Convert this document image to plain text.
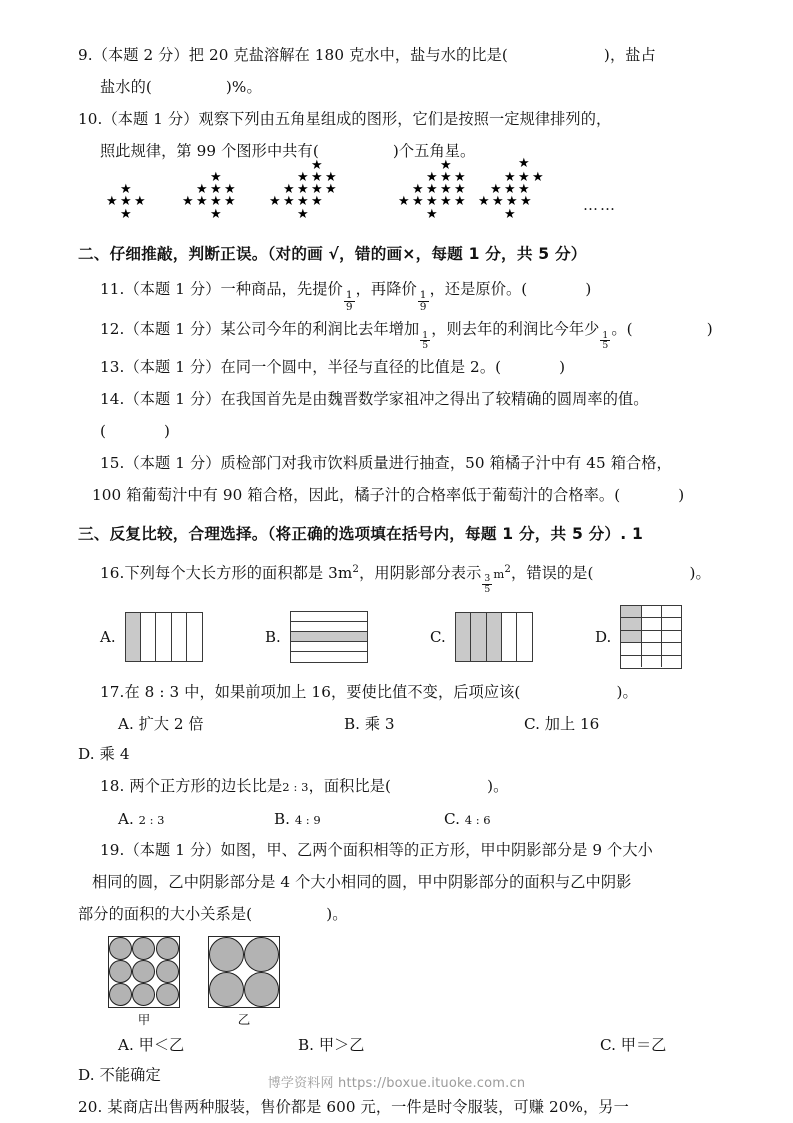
9.（本题 2 分）把 20 克盐溶解在 180 克水中，盐与水的比是(	)，盐占

盐水的(	)%。

10.（本题 1 分）观察下列由五角星组成的图形，它们是按照一定规律排列的，

照此规律，第 99 个图形中共有(	)个五角星。

★
★ ★ ★
★
★
★ ★ ★
★ ★ ★ ★
★
★
★ ★ ★
★ ★ ★ ★
★ ★ ★ ★
★
★
★ ★ ★
★ ★ ★ ★
★ ★ ★ ★ ★
★
★
★ ★ ★
★ ★ ★
★ ★ ★ ★
★
……

二、仔细推敲，判断正误。（对的画 √，错的画×，每题 1 分，共 5 分）

11.（本题 1 分）一种商品，先提价
$\frac{1}{9}$
，再降价
$\frac{1}{9}$
，还是原价。(	)

12.（本题 1 分）某公司今年的利润比去年增加
$\frac{1}{5}$
，则去年的利润比今年少
$\frac{1}{5}$
。(	)

13.（本题 1 分）在同一个圆中，半径与直径的比值是 2。(	)

14.（本题 1 分）在我国首先是由魏晋数学家祖冲之得出了较精确的圆周率的值。

(	)

15.（本题 1 分）质检部门对我市饮料质量进行抽查，50 箱橘子汁中有 45 箱合格，

100 箱葡萄汁中有 90 箱合格，因此，橘子汁的合格率低于葡萄汁的合格率。(	)

三、反复比较，合理选择。（将正确的选项填在括号内，每题 1 分，共 5 分）. 1

16.下列每个大长方形的面积都是 $3m^2$，用阴影部分表示
$\frac{3}{5}$
$m^2$，错误的是(	)。

A.	B.	C.	D.

17.在 8 : 3 中，如果前项加上 16，要使比值不变，后项应该(	)。

A. 扩大 2 倍	B. 乘 3	C. 加上 16

D. 乘 4

18. 两个正方形的边长比是2 : 3，面积比是(	)。

A. 2 : 3	B. 4 : 9	C. 4 : 6

19.（本题 1 分）如图，甲、乙两个面积相等的正方形，甲中阴影部分是 9 个大小

相同的圆，乙中阴影部分是 4 个大小相同的圆，甲中阴影部分的面积与乙中阴影

部分的面积的大小关系是(	)。

甲	乙
A. 甲＜乙	B. 甲＞乙	C. 甲＝乙

D. 不能确定

20. 某商店出售两种服装，售价都是 600 元，一件是时令服装，可赚 20%，另一

博学资料网 https://boxue.ituoke.com.cn
